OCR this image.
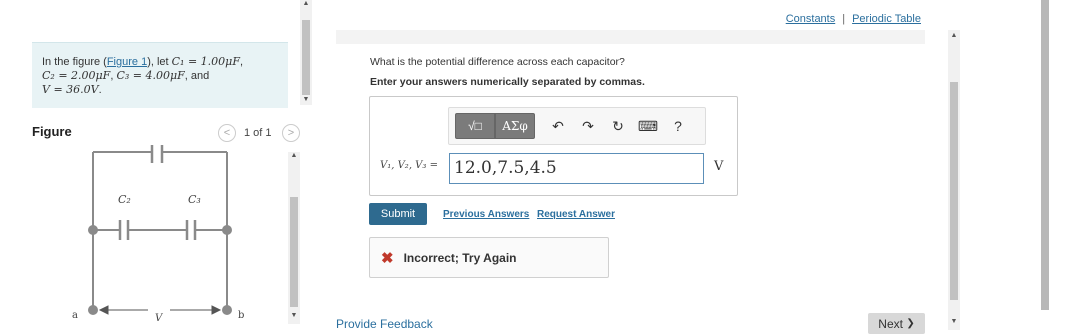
In the figure (Figure 1), let C₁ = 1.00μF,
C₂ = 2.00μF, C₃ = 4.00μF, and
V = 36.0V.
▲
▼
Figure	< 1 of 1 >
C₂	C₃
a	b
V
▲
▼
Constants | Periodic Table
What is the potential difference across each capacitor?
Enter your answers numerically separated by commas.
√□ AΣφ ↶ ↷ ↻ ⌨ ?
V₁, V₂, V₃ = 12.0,7.5,4.5	V
Submit	Previous Answers Request Answer
✖ Incorrect; Try Again
Provide Feedback	Next
❯
▲
▼
